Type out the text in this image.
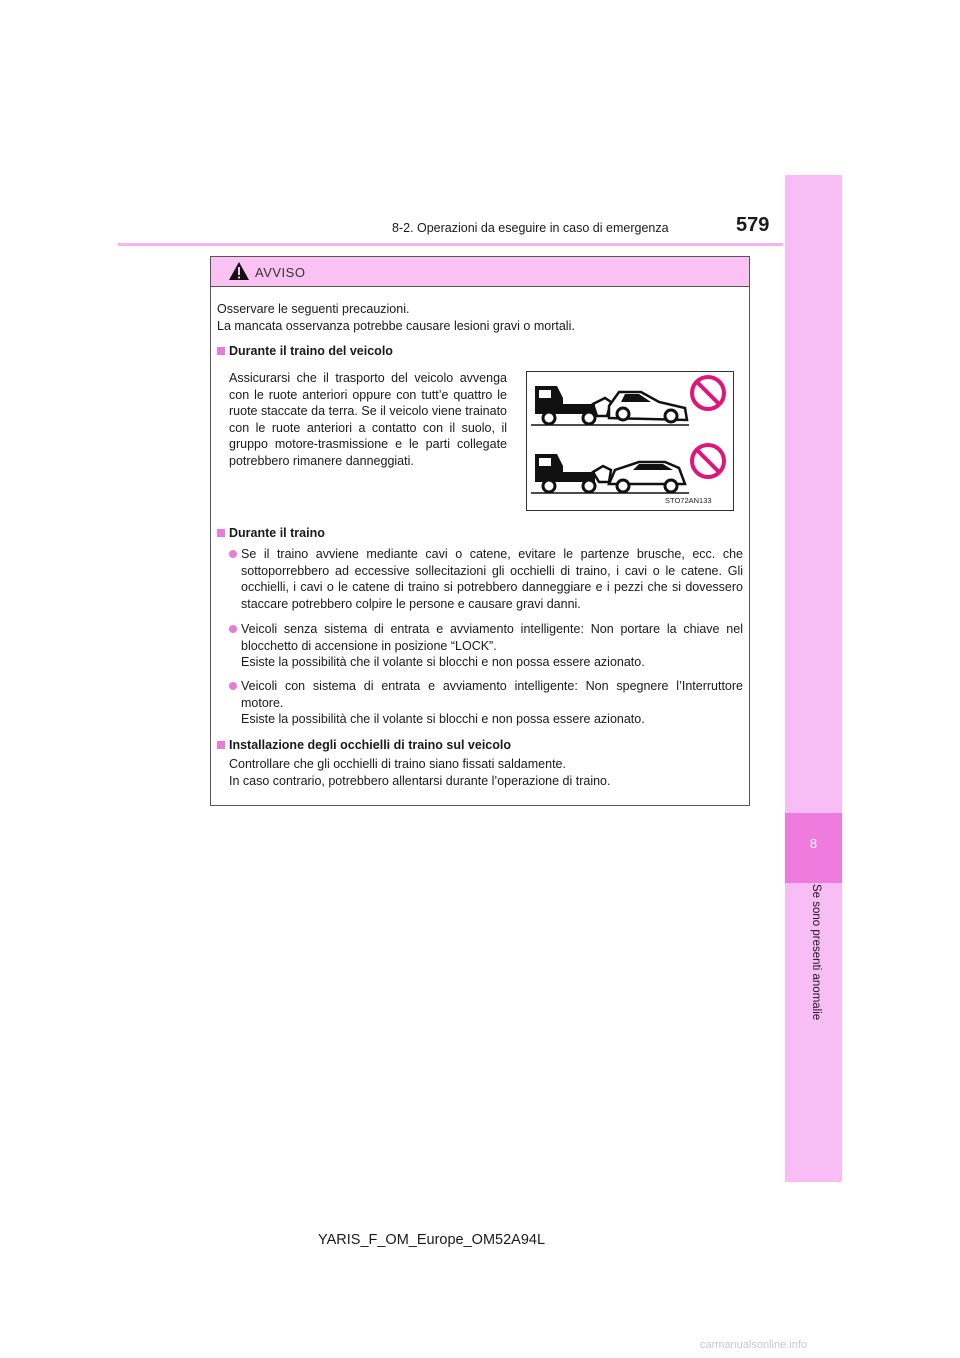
8
Se sono presenti anomalie
8-2. Operazioni da eseguire in caso di emergenza	579
AVVISO
Osservare le seguenti precauzioni.
La mancata osservanza potrebbe causare lesioni gravi o mortali.
Durante il traino del veicolo
Assicurarsi che il trasporto del veicolo avvenga con le ruote anteriori oppure con tutt’e quattro le ruote staccate da terra. Se il veicolo viene trainato con le ruote anteriori a contatto con il suolo, il gruppo motore-trasmissione e le parti collegate potrebbero rimanere danneggiati.
Durante il traino
Se il traino avviene mediante cavi o catene, evitare le partenze brusche, ecc. che sottoporrebbero ad eccessive sollecitazioni gli occhielli di traino, i cavi o le catene. Gli occhielli, i cavi o le catene di traino si potrebbero danneggiare e i pezzi che si dovessero staccare potrebbero colpire le persone e causare gravi danni.
Veicoli senza sistema di entrata e avviamento intelligente: Non portare la chiave nel blocchetto di accensione in posizione “LOCK”.
Esiste la possibilità che il volante si blocchi e non possa essere azionato.
Veicoli con sistema di entrata e avviamento intelligente: Non spegnere l’Interruttore motore.
Esiste la possibilità che il volante si blocchi e non possa essere azionato.
Installazione degli occhielli di traino sul veicolo
Controllare che gli occhielli di traino siano fissati saldamente.
In caso contrario, potrebbero allentarsi durante l’operazione di traino.
STO72AN133
YARIS_F_OM_Europe_OM52A94L
carmanualsonline.info
